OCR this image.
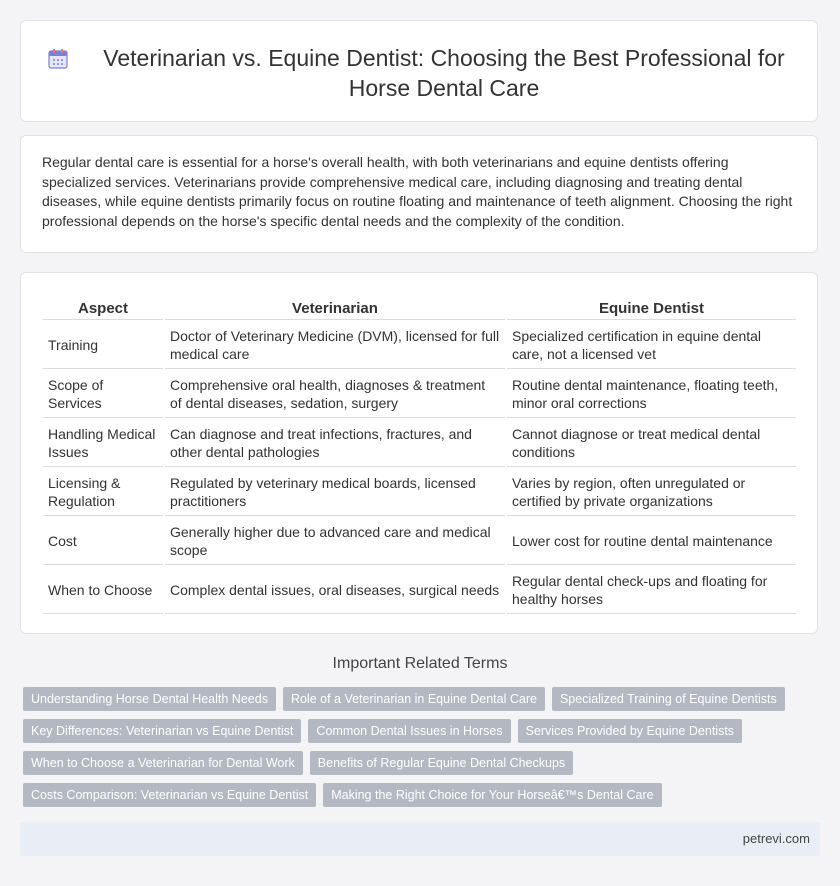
Veterinarian vs. Equine Dentist: Choosing the Best Professional for Horse Dental Care

Regular dental care is essential for a horse's overall health, with both veterinarians and equine dentists offering specialized services. Veterinarians provide comprehensive medical care, including diagnosing and treating dental diseases, while equine dentists primarily focus on routine floating and maintenance of teeth alignment. Choosing the right professional depends on the horse's specific dental needs and the complexity of the condition.

Aspect	Veterinarian	Equine Dentist
Training	Doctor of Veterinary Medicine (DVM), licensed for full medical care	Specialized certification in equine dental care, not a licensed vet
Scope of Services	Comprehensive oral health, diagnoses & treatment of dental diseases, sedation, surgery	Routine dental maintenance, floating teeth, minor oral corrections
Handling Medical Issues	Can diagnose and treat infections, fractures, and other dental pathologies	Cannot diagnose or treat medical dental conditions
Licensing & Regulation	Regulated by veterinary medical boards, licensed practitioners	Varies by region, often unregulated or certified by private organizations
Cost	Generally higher due to advanced care and medical scope	Lower cost for routine dental maintenance
When to Choose	Complex dental issues, oral diseases, surgical needs	Regular dental check-ups and floating for healthy horses
Important Related Terms
Understanding Horse Dental Health Needs	Role of a Veterinarian in Equine Dental Care	Specialized Training of Equine Dentists
Key Differences: Veterinarian vs Equine Dentist	Common Dental Issues in Horses	Services Provided by Equine Dentists
When to Choose a Veterinarian for Dental Work	Benefits of Regular Equine Dental Checkups
Costs Comparison: Veterinarian vs Equine Dentist	Making the Right Choice for Your Horseâ€™s Dental Care
petrevi.com
